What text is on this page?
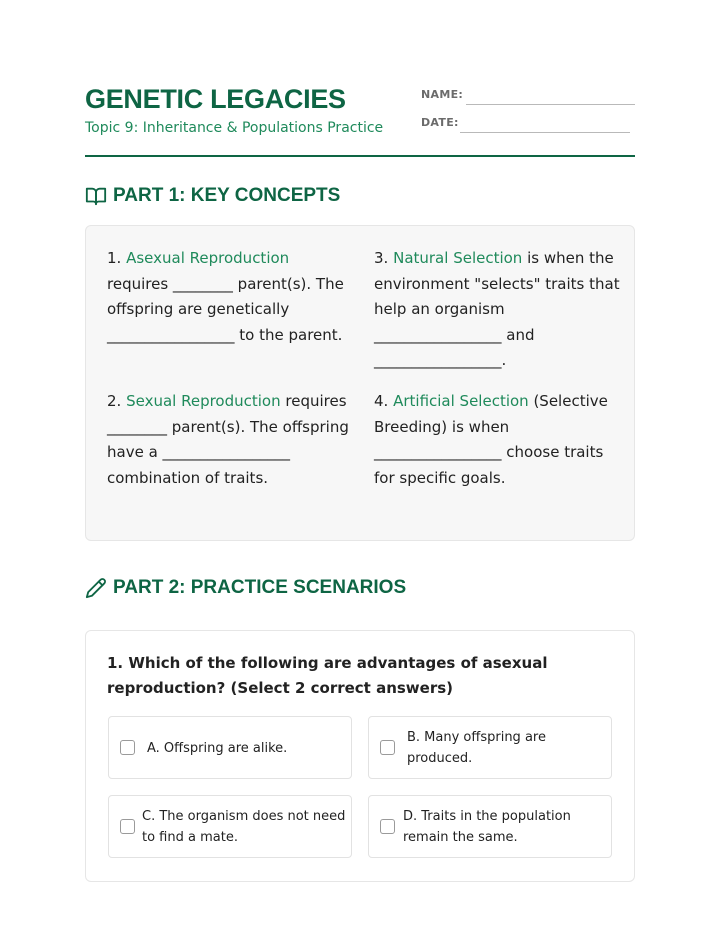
GENETIC LEGACIES
Topic 9: Inheritance & Populations Practice
NAME:
DATE:
PART 1: KEY CONCEPTS
1. Asexual Reproduction requires ________ parent(s). The offspring are genetically _________________ to the parent.
2. Sexual Reproduction requires ________ parent(s). The offspring have a _________________ combination of traits.
3. Natural Selection is when the environment "selects" traits that help an organism _________________ and _________________.
4. Artificial Selection (Selective Breeding) is when _________________ choose traits for specific goals.
PART 2: PRACTICE SCENARIOS
1. Which of the following are advantages of asexual reproduction? (Select 2 correct answers)
A. Offspring are alike.
B. Many offspring are produced.
C. The organism does not need to find a mate.
D. Traits in the population remain the same.
